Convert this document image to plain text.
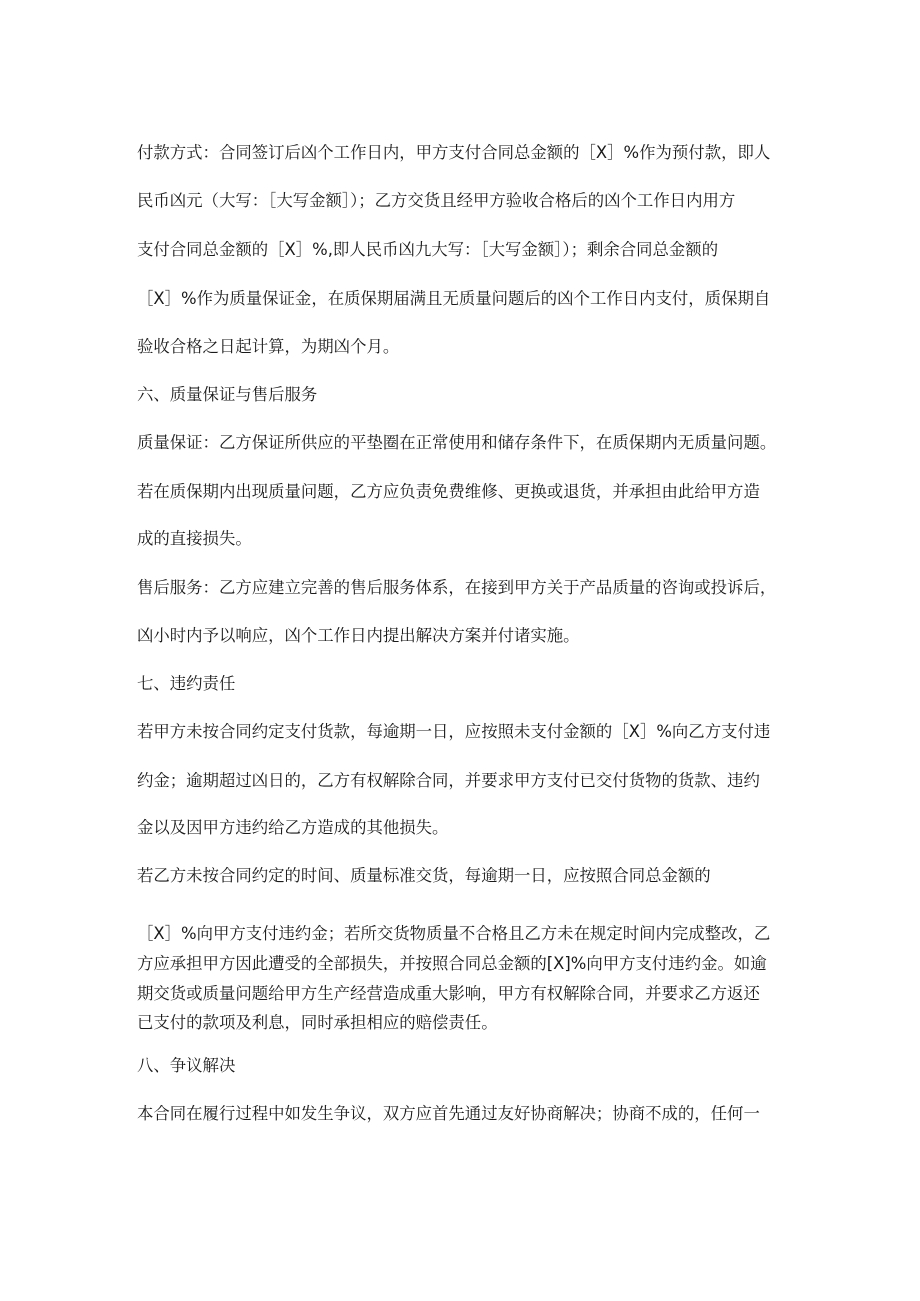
付款方式：合同签订后凶个工作日内，甲方支付合同总金额的［X］%作为预付款，即人
民币凶元（大写：［大写金额］）；乙方交货且经甲方验收合格后的凶个工作日内用方
支付合同总金额的［X］%,即人民币凶九大写：［大写金额］）；剩余合同总金额的
［X］%作为质量保证金，在质保期届满且无质量问题后的凶个工作日内支付，质保期自
验收合格之日起计算，为期凶个月。
六、质量保证与售后服务
质量保证：乙方保证所供应的平垫圈在正常使用和储存条件下，在质保期内无质量问题。
若在质保期内出现质量问题，乙方应负责免费维修、更换或退货，并承担由此给甲方造
成的直接损失。
售后服务：乙方应建立完善的售后服务体系，在接到甲方关于产品质量的咨询或投诉后，
凶小时内予以响应，凶个工作日内提出解决方案并付诸实施。
七、违约责任
若甲方未按合同约定支付货款，每逾期一日，应按照未支付金额的［X］%向乙方支付违
约金；逾期超过凶日的，乙方有权解除合同，并要求甲方支付已交付货物的货款、违约
金以及因甲方违约给乙方造成的其他损失。
若乙方未按合同约定的时间、质量标准交货，每逾期一日，应按照合同总金额的
［X］%向甲方支付违约金；若所交货物质量不合格且乙方未在规定时间内完成整改，乙
方应承担甲方因此遭受的全部损失，并按照合同总金额的[X]%向甲方支付违约金。如逾
期交货或质量问题给甲方生产经营造成重大影响，甲方有权解除合同，并要求乙方返还
已支付的款项及利息，同时承担相应的赔偿责任。
八、争议解决
本合同在履行过程中如发生争议，双方应首先通过友好协商解决；协商不成的，任何一
